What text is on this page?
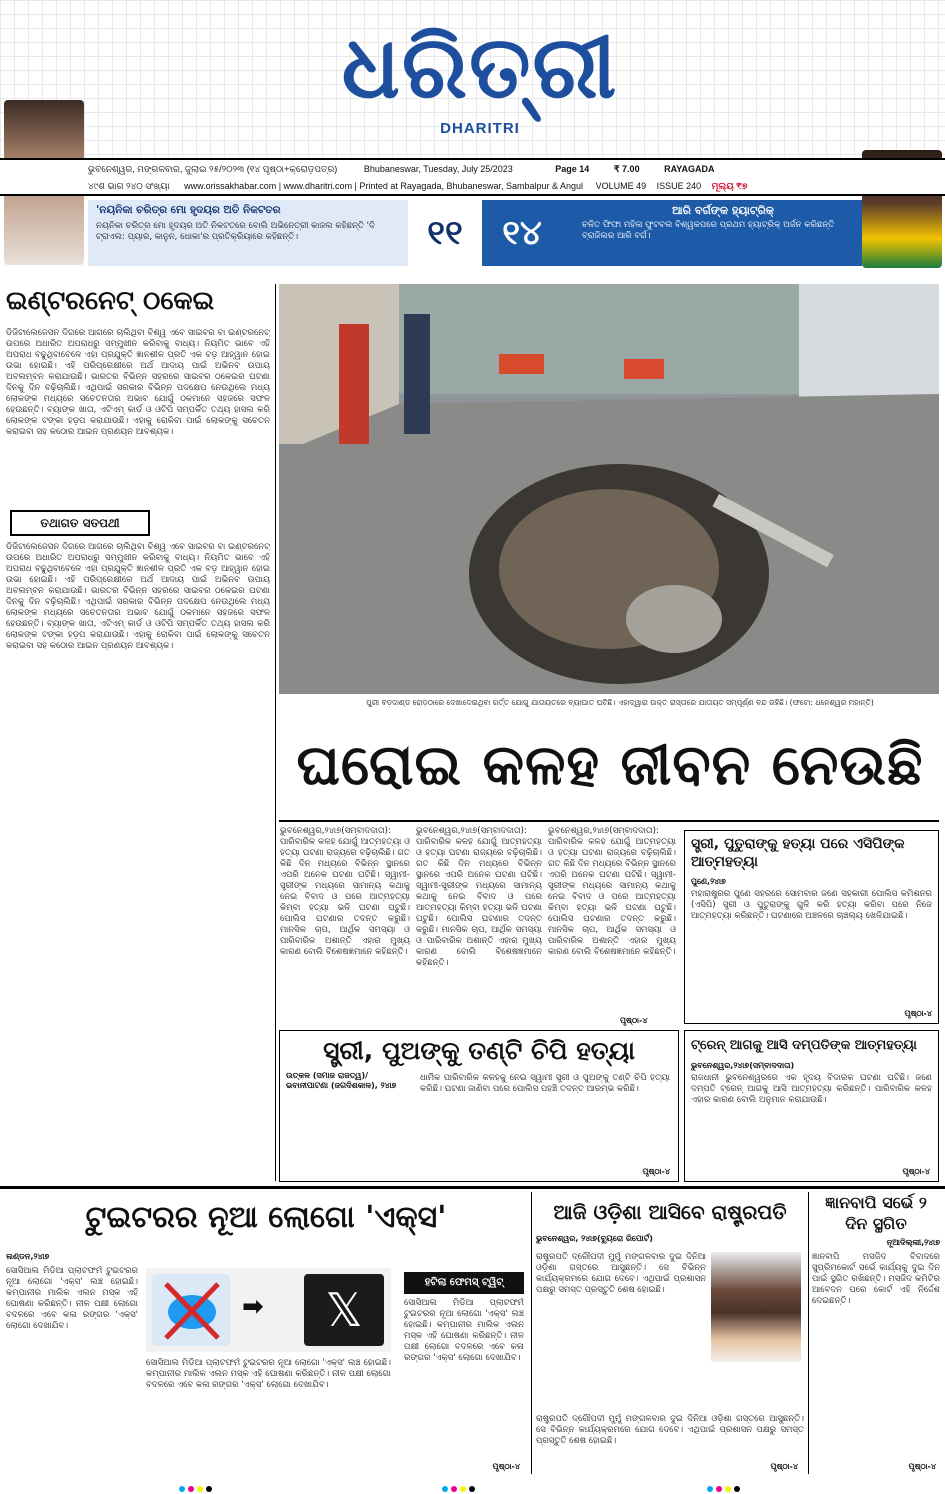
ଧରିତ୍ରୀ
DHARITRI
ଭୁବନେଶ୍ୱର, ମଙ୍ଗଳବାର, ଜୁଲାଇ ୨୫/୨୦୨୩ (୧୪ ପୃଷ୍ଠା+କ୍ରୋଡ଼ପତ୍ର)	Bhubaneswar, Tuesday, July 25/2023	Page 14	₹ 7.00	RAYAGADA
୪୯ଶ ଭାଗ ୨୪୦ ସଂଖ୍ୟା www.orissakhabar.com | www.dharitri.com | Printed at Rayagada, Bhubaneswar, Sambalpur & Angul VOLUME 49 ISSUE 240 ମୂଲ୍ୟ ₹୭
'ନୟନିକା ଚରିତ୍ର ମୋ ହୃଦୟର ଅତି ନିକଟତର
ନୟନିକା ଚରିତ୍ର ମୋ ହୃଦୟର ଅତି ନିକଟତରେ ବୋଲି ଅଭିନେତ୍ରୀ କାଜଲ କହିଛନ୍ତି 'ଦି ଟ୍ରାଏଲ: ପ୍ୟାର, କାନୁନ, ଧୋକା'ର ପ୍ରତିକ୍ରିୟାରେ କହିଛନ୍ତି।	୧୧	୧୪
ଆରି ବର୍ଗଙ୍କ ହ୍ୟାଟ୍ରିକ୍
ଚଳିତ ଫିଫା ମହିଳା ଫୁଟବଲ ବିଶ୍ୱକପରେ ପ୍ରଥମ ହ୍ୟାଟ୍ରିକ୍ ଅର୍ଜନ କରିଛନ୍ତି ବ୍ରାଜିଲର ଆରି ବର୍ଗ।
ଇଣ୍ଟରନେଟ୍ ଠକେଇ
ଡିଜିଟାଲେଜେସନ ଦିଗରେ ଆଗରେ ଚାଲିଥିବା ବିଶ୍ୱ ଏବେ ସାଇବର ବା ଇଣ୍ଟରନେଟ୍ ଉପରେ ଅଧାରିତ ଅପରାଧରୁ ସମ୍ମୁଖୀନ କରିବାକୁ ବାଧ୍ୟ। ନିୟମିତ ଭାବେ ଏହି ଅପରାଧ ବଢୁଥିବାବେଳେ ଏହା ପ୍ରଯୁକ୍ତି ଜ୍ଞାନଶୀଳ ପ୍ରତି ଏକ ବଡ଼ ଆହ୍ୱାନ ହୋଇ ଉଭା ହୋଇଛି। ଏହି ପରିପ୍ରେକ୍ଷୀରେ ଅର୍ଥ ଆଦାୟ ପାଇଁ ଅଭିନବ ଉପାୟ ଅବଲମ୍ବନ କରାଯାଉଛି। ଭାରତର ବିଭିନ୍ନ ସହରରେ ସାଇବର ଠକେଇର ଘଟଣା ଦିନକୁ ଦିନ ବଢ଼ିଚାଲିଛି। ଏଥିପାଇଁ ସରକାର ବିଭିନ୍ନ ପଦକ୍ଷେପ ନେଉଥିଲେ ମଧ୍ୟ ଲୋକଙ୍କ ମଧ୍ୟରେ ସଚେତନତାର ଅଭାବ ଯୋଗୁଁ ଠକମାନେ ସହଜରେ ସଫଳ ହେଉଛନ୍ତି। ବ୍ୟାଙ୍କ ଖାତା, ଏଟିଏମ୍ କାର୍ଡ ଓ ଓଟିପି ସମ୍ପର୍କିତ ତଥ୍ୟ ହାସଲ କରି ଲୋକଙ୍କ ଟଙ୍କା ହଡ଼ପ କରାଯାଉଛି। ଏହାକୁ ରୋକିବା ପାଇଁ ଲୋକଙ୍କୁ ସଚେତନ କରାଇବା ସହ କଠୋର ଆଇନ ପ୍ରଣୟନ ଆବଶ୍ୟକ।
ତଥାଗତ ସତପଥୀ
ଡିଜିଟାଲେଜେସନ ଦିଗରେ ଆଗରେ ଚାଲିଥିବା ବିଶ୍ୱ ଏବେ ସାଇବର ବା ଇଣ୍ଟରନେଟ୍ ଉପରେ ଅଧାରିତ ଅପରାଧରୁ ସମ୍ମୁଖୀନ କରିବାକୁ ବାଧ୍ୟ। ନିୟମିତ ଭାବେ ଏହି ଅପରାଧ ବଢୁଥିବାବେଳେ ଏହା ପ୍ରଯୁକ୍ତି ଜ୍ଞାନଶୀଳ ପ୍ରତି ଏକ ବଡ଼ ଆହ୍ୱାନ ହୋଇ ଉଭା ହୋଇଛି। ଏହି ପରିପ୍ରେକ୍ଷୀରେ ଅର୍ଥ ଆଦାୟ ପାଇଁ ଅଭିନବ ଉପାୟ ଅବଲମ୍ବନ କରାଯାଉଛି। ଭାରତର ବିଭିନ୍ନ ସହରରେ ସାଇବର ଠକେଇର ଘଟଣା ଦିନକୁ ଦିନ ବଢ଼ିଚାଲିଛି। ଏଥିପାଇଁ ସରକାର ବିଭିନ୍ନ ପଦକ୍ଷେପ ନେଉଥିଲେ ମଧ୍ୟ ଲୋକଙ୍କ ମଧ୍ୟରେ ସଚେତନତାର ଅଭାବ ଯୋଗୁଁ ଠକମାନେ ସହଜରେ ସଫଳ ହେଉଛନ୍ତି। ବ୍ୟାଙ୍କ ଖାତା, ଏଟିଏମ୍ କାର୍ଡ ଓ ଓଟିପି ସମ୍ପର୍କିତ ତଥ୍ୟ ହାସଲ କରି ଲୋକଙ୍କ ଟଙ୍କା ହଡ଼ପ କରାଯାଉଛି। ଏହାକୁ ରୋକିବା ପାଇଁ ଲୋକଙ୍କୁ ସଚେତନ କରାଇବା ସହ କଠୋର ଆଇନ ପ୍ରଣୟନ ଆବଶ୍ୟକ।
ପୁରୀ ବଡ଼ଦାଣ୍ଡ ରୋଡ଼ଠାରେ ଦେଖାଦେଇଥିବା ଗର୍ତ୍ତ ଯୋଗୁ ଯାତାୟତରେ ବ୍ୟାଘାତ ଘଟିଛି। ଏହାଦ୍ୱାରା ଉକ୍ତ ରାସ୍ତାରେ ଯାତାୟତ ସମ୍ପୂର୍ଣ୍ଣ ବନ୍ଦ ରହିଛି। (ଫଟୋ: ଧନେଶ୍ୱର ମହାନ୍ତି)
ଘରୋଇ କଳହ ଜୀବନ ନେଉଛି
ଭୁବନେଶ୍ୱର,୨୪ା୭(ସମ୍ବାଦଦାତା): ପାରିବାରିକ କଳହ ଯୋଗୁଁ ଆତ୍ମହତ୍ୟା ଓ ହତ୍ୟା ଘଟଣା ରାଜ୍ୟରେ ବଢ଼ିଚାଲିଛି। ଗତ କିଛି ଦିନ ମଧ୍ୟରେ ବିଭିନ୍ନ ସ୍ଥାନରେ ଏପରି ଅନେକ ଘଟଣା ଘଟିଛି। ସ୍ୱାମୀ-ସ୍ତ୍ରୀଙ୍କ ମଧ୍ୟରେ ସାମାନ୍ୟ କଥାକୁ ନେଇ ବିବାଦ ଓ ପରେ ଆତ୍ମହତ୍ୟା କିମ୍ବା ହତ୍ୟା ଭଳି ଘଟଣା ଘଟୁଛି। ପୋଲିସ ଘଟଣାର ତଦନ୍ତ କରୁଛି। ମାନସିକ ଚାପ, ଆର୍ଥିକ ସମସ୍ୟା ଓ ପାରିବାରିକ ଅଶାନ୍ତି ଏହାର ମୁଖ୍ୟ କାରଣ ବୋଲି ବିଶେଷଜ୍ଞମାନେ କହିଛନ୍ତି।
ଭୁବନେଶ୍ୱର,୨୪ା୭(ସମ୍ବାଦଦାତା): ପାରିବାରିକ କଳହ ଯୋଗୁଁ ଆତ୍ମହତ୍ୟା ଓ ହତ୍ୟା ଘଟଣା ରାଜ୍ୟରେ ବଢ଼ିଚାଲିଛି। ଗତ କିଛି ଦିନ ମଧ୍ୟରେ ବିଭିନ୍ନ ସ୍ଥାନରେ ଏପରି ଅନେକ ଘଟଣା ଘଟିଛି। ସ୍ୱାମୀ-ସ୍ତ୍ରୀଙ୍କ ମଧ୍ୟରେ ସାମାନ୍ୟ କଥାକୁ ନେଇ ବିବାଦ ଓ ପରେ ଆତ୍ମହତ୍ୟା କିମ୍ବା ହତ୍ୟା ଭଳି ଘଟଣା ଘଟୁଛି। ପୋଲିସ ଘଟଣାର ତଦନ୍ତ କରୁଛି। ମାନସିକ ଚାପ, ଆର୍ଥିକ ସମସ୍ୟା ଓ ପାରିବାରିକ ଅଶାନ୍ତି ଏହାର ମୁଖ୍ୟ କାରଣ ବୋଲି ବିଶେଷଜ୍ଞମାନେ କହିଛନ୍ତି।
ଭୁବନେଶ୍ୱର,୨୪ା୭(ସମ୍ବାଦଦାତା): ପାରିବାରିକ କଳହ ଯୋଗୁଁ ଆତ୍ମହତ୍ୟା ଓ ହତ୍ୟା ଘଟଣା ରାଜ୍ୟରେ ବଢ଼ିଚାଲିଛି। ଗତ କିଛି ଦିନ ମଧ୍ୟରେ ବିଭିନ୍ନ ସ୍ଥାନରେ ଏପରି ଅନେକ ଘଟଣା ଘଟିଛି। ସ୍ୱାମୀ-ସ୍ତ୍ରୀଙ୍କ ମଧ୍ୟରେ ସାମାନ୍ୟ କଥାକୁ ନେଇ ବିବାଦ ଓ ପରେ ଆତ୍ମହତ୍ୟା କିମ୍ବା ହତ୍ୟା ଭଳି ଘଟଣା ଘଟୁଛି। ପୋଲିସ ଘଟଣାର ତଦନ୍ତ କରୁଛି। ମାନସିକ ଚାପ, ଆର୍ଥିକ ସମସ୍ୟା ଓ ପାରିବାରିକ ଅଶାନ୍ତି ଏହାର ମୁଖ୍ୟ କାରଣ ବୋଲି ବିଶେଷଜ୍ଞମାନେ କହିଛନ୍ତି।
ପୃଷ୍ଠା-୪
ସ୍ତ୍ରୀ, ପୁତୁରାଙ୍କୁ ହତ୍ୟା ପରେ ଏସିପିଙ୍କ ଆତ୍ମହତ୍ୟା
ପୁଣେ,୨୪ା୭
ମହାରାଷ୍ଟ୍ରର ପୁଣେ ସହରରେ ସୋମବାର ଜଣେ ସହକାରୀ ପୋଲିସ କମିଶନର (ଏସିପି) ସ୍ତ୍ରୀ ଓ ପୁତୁରାଙ୍କୁ ଗୁଳି କରି ହତ୍ୟା କରିବା ପରେ ନିଜେ ଆତ୍ମହତ୍ୟା କରିଛନ୍ତି। ଘଟଣାରେ ଅଞ୍ଚଳରେ ଚାଞ୍ଚଲ୍ୟ ଖେଳିଯାଇଛି।
ପୃଷ୍ଠା-୪
ସ୍ତ୍ରୀ, ପୁଅଙ୍କୁ ତଣ୍ଟି ଚିପି ହତ୍ୟା
ଉତ୍କଳ (ସମାଜ ରାଜତ୍ୱ)/ ଭବାନୀପାଟଣା (ଜଗଦିଶକାଳ), ୨୪ା୭
ଧାର୍ମିକ ପାରିବାରିକ କଳହକୁ ନେଇ ସ୍ୱାମୀ ସ୍ତ୍ରୀ ଓ ପୁଅଙ୍କୁ ତଣ୍ଟି ଚିପି ହତ୍ୟା କରିଛି। ଘଟଣା ଜାଣିବା ପରେ ପୋଲିସ ପହଞ୍ଚି ତଦନ୍ତ ଆରମ୍ଭ କରିଛି।
ପୃଷ୍ଠା-୪
ଟ୍ରେନ୍ ଆଗକୁ ଆସି ଦମ୍ପତିଙ୍କ ଆତ୍ମହତ୍ୟା
ଭୁବନେଶ୍ୱର,୨୪ା୭(ସମ୍ବାଦଦାତା)
ରାଜଧାନୀ ଭୁବନେଶ୍ୱରରେ ଏକ ହୃଦୟ ବିଦାରକ ଘଟଣା ଘଟିଛି। ଜଣେ ଦମ୍ପତି ଟ୍ରେନ୍ ଆଗକୁ ଆସି ଆତ୍ମହତ୍ୟା କରିଛନ୍ତି। ପାରିବାରିକ କଳହ ଏହାର କାରଣ ବୋଲି ଅନୁମାନ କରାଯାଉଛି।
ପୃଷ୍ଠା-୪
ଟୁଇଟରର ନୂଆ ଲୋଗୋ 'ଏକ୍ସ'
ଲଣ୍ଡନ,୨୪ା୭
ସୋସିଆଲ ମିଡିଆ ପ୍ଲାଟଫର୍ମ ଟୁଇଟରର ନୂଆ ଲୋଗୋ 'ଏକ୍ସ' ଲଞ୍ଚ ହୋଇଛି। କମ୍ପାନୀର ମାଲିକ ଏଲନ ମସ୍କ ଏହି ଘୋଷଣା କରିଛନ୍ତି। ନୀଳ ପକ୍ଷୀ ଲୋଗୋ ବଦଳରେ ଏବେ କଳା ରଙ୍ଗର 'ଏକ୍ସ' ଲୋଗୋ ଦେଖାଯିବ।
➡	𝕏
ହଟିଲା ଫେମସ୍ ଟ୍ୱିଟ୍
ସୋସିଆଲ ମିଡିଆ ପ୍ଲାଟଫର୍ମ ଟୁଇଟରର ନୂଆ ଲୋଗୋ 'ଏକ୍ସ' ଲଞ୍ଚ ହୋଇଛି। କମ୍ପାନୀର ମାଲିକ ଏଲନ ମସ୍କ ଏହି ଘୋଷଣା କରିଛନ୍ତି। ନୀଳ ପକ୍ଷୀ ଲୋଗୋ ବଦଳରେ ଏବେ କଳା ରଙ୍ଗର 'ଏକ୍ସ' ଲୋଗୋ ଦେଖାଯିବ।
ସୋସିଆଲ ମିଡିଆ ପ୍ଲାଟଫର୍ମ ଟୁଇଟରର ନୂଆ ଲୋଗୋ 'ଏକ୍ସ' ଲଞ୍ଚ ହୋଇଛି। କମ୍ପାନୀର ମାଲିକ ଏଲନ ମସ୍କ ଏହି ଘୋଷଣା କରିଛନ୍ତି। ନୀଳ ପକ୍ଷୀ ଲୋଗୋ ବଦଳରେ ଏବେ କଳା ରଙ୍ଗର 'ଏକ୍ସ' ଲୋଗୋ ଦେଖାଯିବ।
ପୃଷ୍ଠା-୪
ଆଜି ଓଡ଼ିଶା ଆସିବେ ରାଷ୍ଟ୍ରପତି
ଭୁବନେଶ୍ୱର, ୨୪ା୭(ବ୍ୟୁରୋ ରିପୋର୍ଟ)
ରାଷ୍ଟ୍ରପତି ଦ୍ରୌପଦୀ ମୁର୍ମୁ ମଙ୍ଗଳବାର ଦୁଇ ଦିନିଆ ଓଡ଼ିଶା ଗସ୍ତରେ ଆସୁଛନ୍ତି। ସେ ବିଭିନ୍ନ କାର୍ଯ୍ୟକ୍ରମରେ ଯୋଗ ଦେବେ। ଏଥିପାଇଁ ପ୍ରଶାସନ ପକ୍ଷରୁ ସମସ୍ତ ପ୍ରସ୍ତୁତି ଶେଷ ହୋଇଛି।
ରାଷ୍ଟ୍ରପତି ଦ୍ରୌପଦୀ ମୁର୍ମୁ ମଙ୍ଗଳବାର ଦୁଇ ଦିନିଆ ଓଡ଼ିଶା ଗସ୍ତରେ ଆସୁଛନ୍ତି। ସେ ବିଭିନ୍ନ କାର୍ଯ୍ୟକ୍ରମରେ ଯୋଗ ଦେବେ। ଏଥିପାଇଁ ପ୍ରଶାସନ ପକ୍ଷରୁ ସମସ୍ତ ପ୍ରସ୍ତୁତି ଶେଷ ହୋଇଛି।
ପୃଷ୍ଠା-୪
ଜ୍ଞାନବାପି ସର୍ଭେ ୨ ଦିନ ସ୍ଥଗିତ
ନୂଆଦିଲ୍ଲୀ,୨୪ା୭
ଜ୍ଞାନବାପି ମସଜିଦ ବିବାଦରେ ସୁପ୍ରିମକୋର୍ଟ ସର୍ଭେ କାର୍ଯ୍ୟକୁ ଦୁଇ ଦିନ ପାଇଁ ସ୍ଥଗିତ ରଖିଛନ୍ତି। ମସଜିଦ କମିଟିର ଆବେଦନ ପରେ କୋର୍ଟ ଏହି ନିର୍ଦ୍ଦେଶ ଦେଇଛନ୍ତି।
ପୃଷ୍ଠା-୪
